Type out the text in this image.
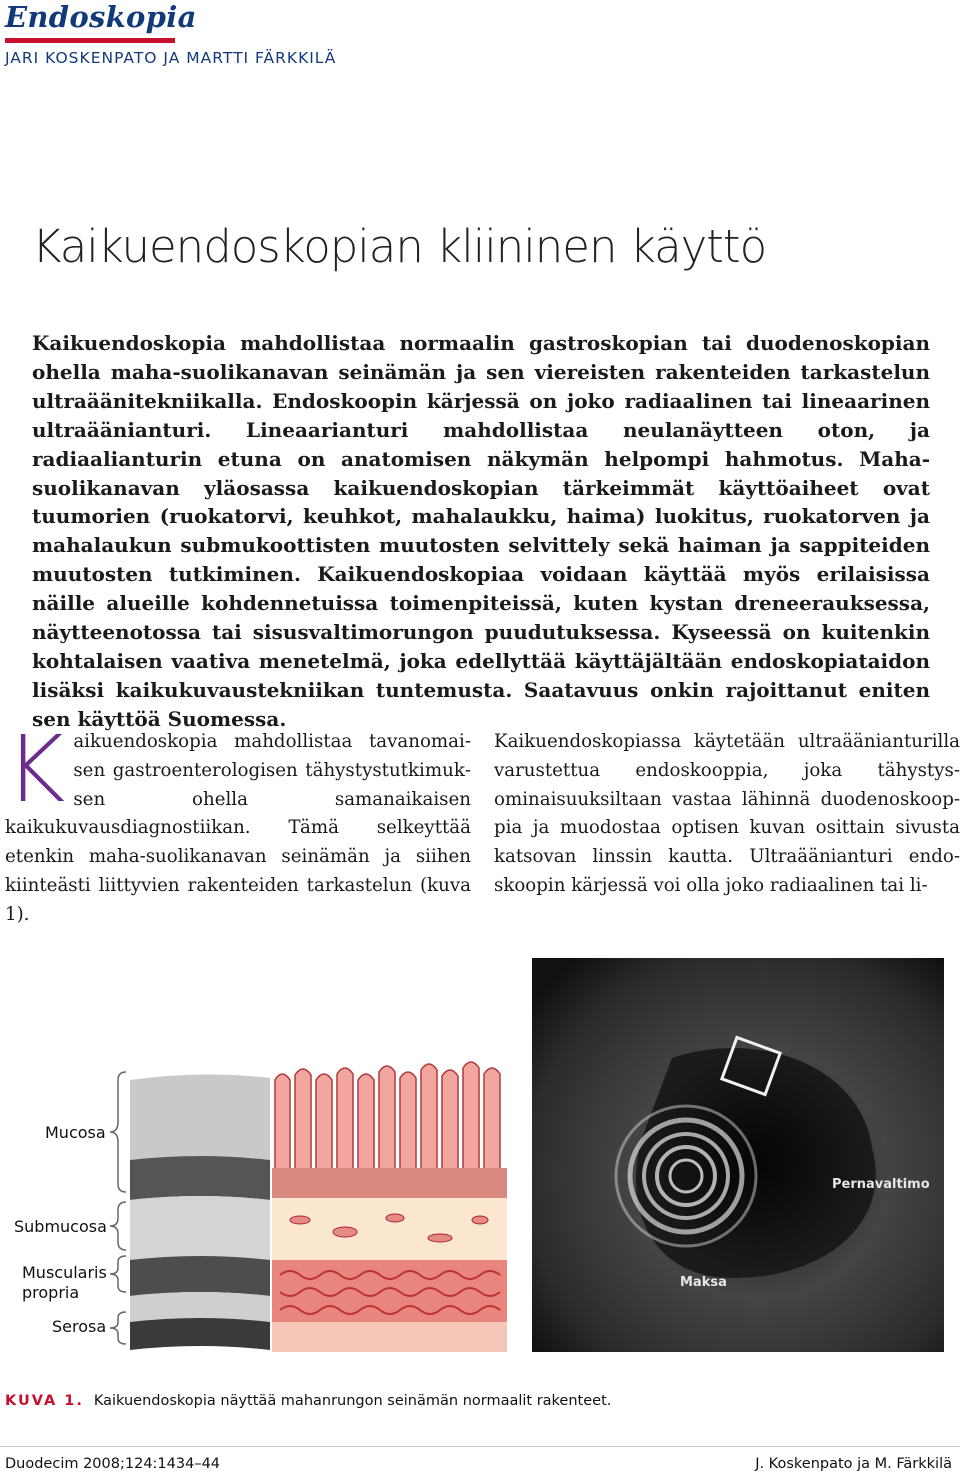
Endoskopia
JARI KOSKENPATO JA MARTTI FÄRKKILÄ
Kaikuendoskopian kliininen käyttö
Kaikuendoskopia mahdollistaa normaalin gastroskopian tai duodenoskopian ohella maha-suolikanavan seinämän ja sen viereisten rakenteiden tarkastelun ultraäänitekniikalla. Endoskoopin kärjessä on joko radiaalinen tai lineaarinen ultraäänianturi. Lineaarianturi mahdollistaa neulanäytteen oton, ja radiaalianturin etuna on anatomisen näkymän helpompi hahmotus. Maha-suolikanavan yläosassa kaikuendoskopian tärkeimmät käyttöaiheet ovat tuumorien (ruokatorvi, keuhkot, mahalaukku, haima) luokitus, ruokatorven ja mahalaukun submukoottisten muutosten selvittely sekä haiman ja sappiteiden muutosten tutkiminen. Kaikuendoskopiaa voidaan käyttää myös erilaisissa näille alueille kohdennetuissa toimenpiteissä, kuten kystan dreneerauksessa, näytteenotossa tai sisusvaltimorungon puudutuksessa. Kyseessä on kuitenkin kohtalaisen vaativa menetelmä, joka edellyttää käyttäjältään endoskopiataidon lisäksi kaikukuvaustekniikan tuntemusta. Saatavuus onkin rajoittanut eniten sen käyttöä Suomessa.
K aikuendoskopia mahdollistaa tavanomaisen gastroenterologisen tähystystutkimuksen ohella samanaikaisen kaikukuvausdiagnostiikan. Tämä selkeyttää etenkin maha-suolikanavan seinämän ja siihen kiinteästi liittyvien rakenteiden tarkastelun (kuva 1).
Kaikuendoskopiassa käytetään ultraäänianturilla varustettua endoskooppia, joka tähystysominaisuuksiltaan vastaa lähinnä duodenoskooppia ja muodostaa optisen kuvan osittain sivusta katsovan linssin kautta. Ultraäänianturi endoskoopin kärjessä voi olla joko radiaalinen tai li-
Pernavaltimo
Maksa
Mucosa
Submucosa
Muscularis
propria
Serosa
KUVA 1. Kaikuendoskopia näyttää mahanrungon seinämän normaalit rakenteet.
Duodecim 2008;124:1434–44	J. Koskenpato ja M. Färkkilä
